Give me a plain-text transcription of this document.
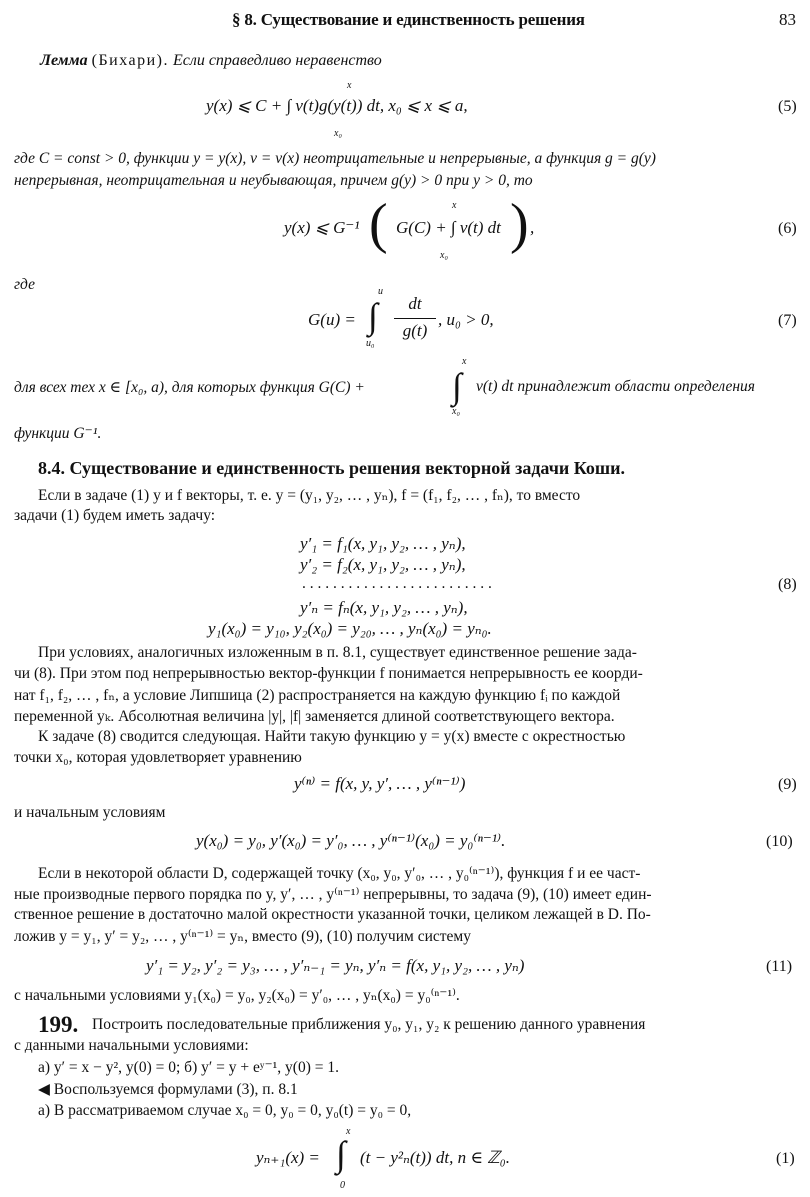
§ 8. Существование и единственность решения	83
Лемма (Бихари). Если справедливо неравенство
y(x) ⩽ C + ∫ v(t)g(y(t)) dt, x₀ ⩽ x ⩽ a,
x
x₀
(5)
где C = const > 0, функции y = y(x), v = v(x) неотрицательные и непрерывные, а функция g = g(y)
непрерывная, неотрицательная и неубывающая, причем g(y) > 0 при y > 0, то
y(x) ⩽ G⁻¹ ( G(C) + ∫ v(t) dt ) ,
x
x₀
(6)
где
G(u) = ∫
u
u₀
dt
g(t)
, u₀ > 0,	(7)
для всех тех x ∈ [x₀, a), для которых функция G(C) + ∫
x
x₀
v(t) dt принадлежит области определения
функции G⁻¹.
8.4. Существование и единственность решения векторной задачи Коши.
Если в задаче (1) y и f векторы, т. е. y = (y₁, y₂, … , yₙ), f = (f₁, f₂, … , fₙ), то вместо
задачи (1) будем иметь задачу:
y′₁ = f₁(x, y₁, y₂, … , yₙ),
y′₂ = f₂(x, y₁, y₂, … , yₙ),
. . . . . . . . . . . . . . . . . . . . . . . . .
y′ₙ = fₙ(x, y₁, y₂, … , yₙ),
y₁(x₀) = y₁₀, y₂(x₀) = y₂₀, … , yₙ(x₀) = yₙ₀.
(8)
При условиях, аналогичных изложенным в п. 8.1, существует единственное решение зада-
чи (8). При этом под непрерывностью вектор-функции f понимается непрерывность ее коорди-
нат f₁, f₂, … , fₙ, а условие Липшица (2) распространяется на каждую функцию fᵢ по каждой
переменной yₖ. Абсолютная величина |y|, |f| заменяется длиной соответствующего вектора.
К задаче (8) сводится следующая. Найти такую функцию y = y(x) вместе с окрестностью
точки x₀, которая удовлетворяет уравнению
y⁽ⁿ⁾ = f(x, y, y′, … , y⁽ⁿ⁻¹⁾)	(9)
и начальным условиям
y(x₀) = y₀, y′(x₀) = y′₀, … , y⁽ⁿ⁻¹⁾(x₀) = y₀⁽ⁿ⁻¹⁾.	(10)
Если в некоторой области D, содержащей точку (x₀, y₀, y′₀, … , y₀⁽ⁿ⁻¹⁾), функция f и ее част-
ные производные первого порядка по y, y′, … , y⁽ⁿ⁻¹⁾ непрерывны, то задача (9), (10) имеет един-
ственное решение в достаточно малой окрестности указанной точки, целиком лежащей в D. По-
ложив y = y₁, y′ = y₂, … , y⁽ⁿ⁻¹⁾ = yₙ, вместо (9), (10) получим систему
y′₁ = y₂, y′₂ = y₃, … , y′ₙ₋₁ = yₙ, y′ₙ = f(x, y₁, y₂, … , yₙ)	(11)
с начальными условиями y₁(x₀) = y₀, y₂(x₀) = y′₀, … , yₙ(x₀) = y₀⁽ⁿ⁻¹⁾.
199. Построить последовательные приближения y₀, y₁, y₂ к решению данного уравнения
с данными начальными условиями:
а) y′ = x − y², y(0) = 0; б) y′ = y + eʸ⁻¹, y(0) = 1.
◀ Воспользуемся формулами (3), п. 8.1
а) В рассматриваемом случае x₀ = 0, y₀ = 0, y₀(t) = y₀ = 0,
yₙ₊₁(x) = ∫
x
0
(t − y²ₙ(t)) dt, n ∈ ℤ₀.	(1)
